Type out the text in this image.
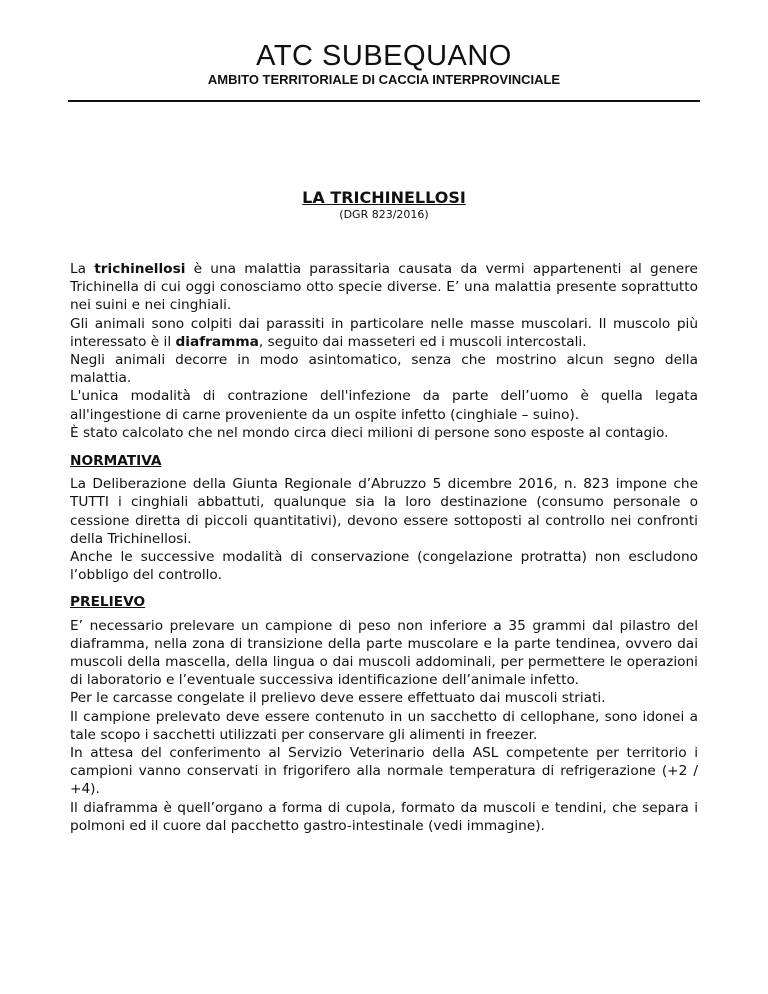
ATC SUBEQUANO
AMBITO TERRITORIALE DI CACCIA INTERPROVINCIALE
LA TRICHINELLOSI
(DGR 823/2016)

La trichinellosi è una malattia parassitaria causata da vermi appartenenti al genere Trichinella di cui oggi conosciamo otto specie diverse. E’ una malattia presente soprattutto nei suini e nei cinghiali.

Gli animali sono colpiti dai parassiti in particolare nelle masse muscolari. Il muscolo più interessato è il diaframma, seguito dai masseteri ed i muscoli intercostali.

Negli animali decorre in modo asintomatico, senza che mostrino alcun segno della malattia.

L'unica modalità di contrazione dell'infezione da parte dell’uomo è quella legata all'ingestione di carne proveniente da un ospite infetto (cinghiale – suino).

È stato calcolato che nel mondo circa dieci milioni di persone sono esposte al contagio.

NORMATIVA

La Deliberazione della Giunta Regionale d’Abruzzo 5 dicembre 2016, n. 823 impone che TUTTI i cinghiali abbattuti, qualunque sia la loro destinazione (consumo personale o cessione diretta di piccoli quantitativi), devono essere sottoposti al controllo nei confronti della Trichinellosi.

Anche le successive modalità di conservazione (congelazione protratta) non escludono l’obbligo del controllo.

PRELIEVO

E’ necessario prelevare un campione di peso non inferiore a 35 grammi dal pilastro del diaframma, nella zona di transizione della parte muscolare e la parte tendinea, ovvero dai muscoli della mascella, della lingua o dai muscoli addominali, per permettere le operazioni di laboratorio e l’eventuale successiva identificazione dell’animale infetto.

Per le carcasse congelate il prelievo deve essere effettuato dai muscoli striati.

Il campione prelevato deve essere contenuto in un sacchetto di cellophane, sono idonei a tale scopo i sacchetti utilizzati per conservare gli alimenti in freezer.

In attesa del conferimento al Servizio Veterinario della ASL competente per territorio i campioni vanno conservati in frigorifero alla normale temperatura di refrigerazione (+2 / +4).

Il diaframma è quell’organo a forma di cupola, formato da muscoli e tendini, che separa i polmoni ed il cuore dal pacchetto gastro-intestinale (vedi immagine).
